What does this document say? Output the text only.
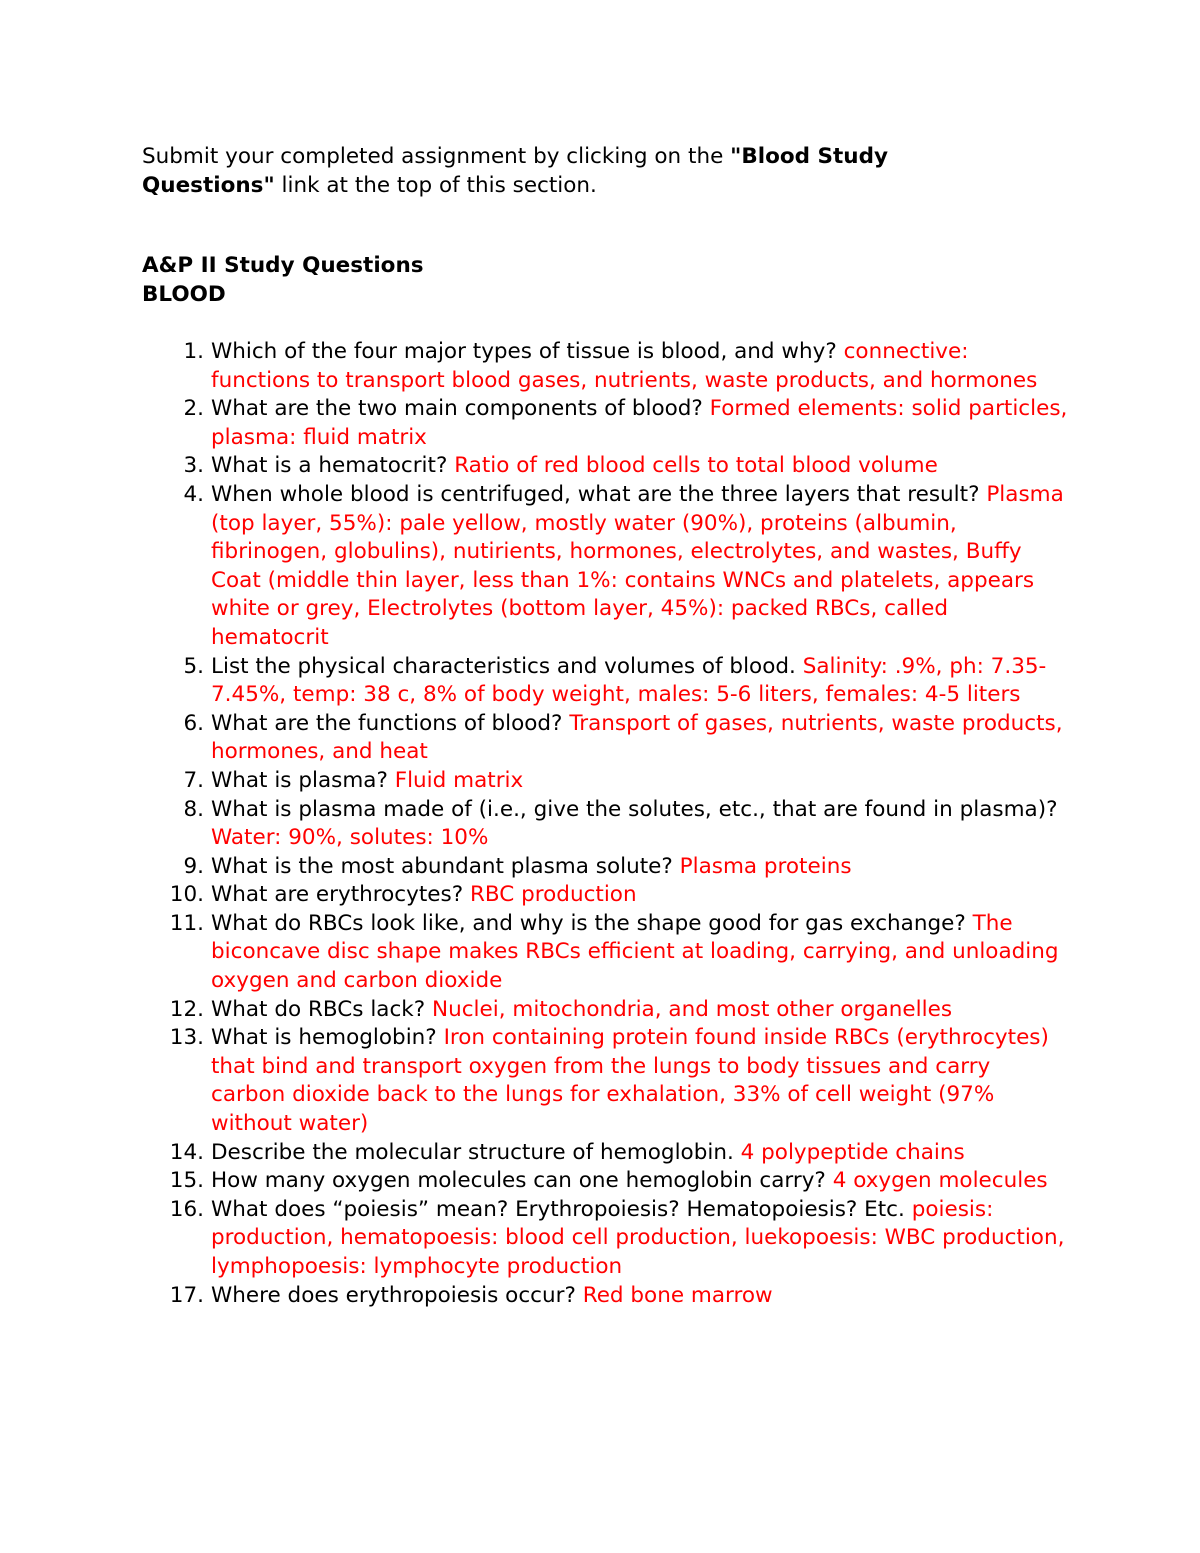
Submit your completed assignment by clicking on the "Blood Study Questions" link at the top of this section.
A&P II Study Questions
BLOOD
1. Which of the four major types of tissue is blood, and why? connective: functions to transport blood gases, nutrients, waste products, and hormones
2. What are the two main components of blood? Formed elements: solid particles, plasma: fluid matrix
3. What is a hematocrit? Ratio of red blood cells to total blood volume
4. When whole blood is centrifuged, what are the three layers that result? Plasma (top layer, 55%): pale yellow, mostly water (90%), proteins (albumin, fibrinogen, globulins), nutirients, hormones, electrolytes, and wastes, Buffy Coat (middle thin layer, less than 1%: contains WNCs and platelets, appears white or grey, Electrolytes (bottom layer, 45%): packed RBCs, called hematocrit
5. List the physical characteristics and volumes of blood. Salinity: .9%, ph: 7.35-7.45%, temp: 38 c, 8% of body weight, males: 5-6 liters, females: 4-5 liters
6. What are the functions of blood? Transport of gases, nutrients, waste products, hormones, and heat
7. What is plasma? Fluid matrix
8. What is plasma made of (i.e., give the solutes, etc., that are found in plasma)? Water: 90%, solutes: 10%
9. What is the most abundant plasma solute? Plasma proteins
10. What are erythrocytes? RBC production
11. What do RBCs look like, and why is the shape good for gas exchange? The biconcave disc shape makes RBCs efficient at loading, carrying, and unloading oxygen and carbon dioxide
12. What do RBCs lack? Nuclei, mitochondria, and most other organelles
13. What is hemoglobin? Iron containing protein found inside RBCs (erythrocytes) that bind and transport oxygen from the lungs to body tissues and carry carbon dioxide back to the lungs for exhalation, 33% of cell weight (97% without water)
14. Describe the molecular structure of hemoglobin. 4 polypeptide chains
15. How many oxygen molecules can one hemoglobin carry? 4 oxygen molecules
16. What does “poiesis” mean? Erythropoiesis? Hematopoiesis? Etc. poiesis: production, hematopoesis: blood cell production, luekopoesis: WBC production, lymphopoesis: lymphocyte production
17. Where does erythropoiesis occur? Red bone marrow
